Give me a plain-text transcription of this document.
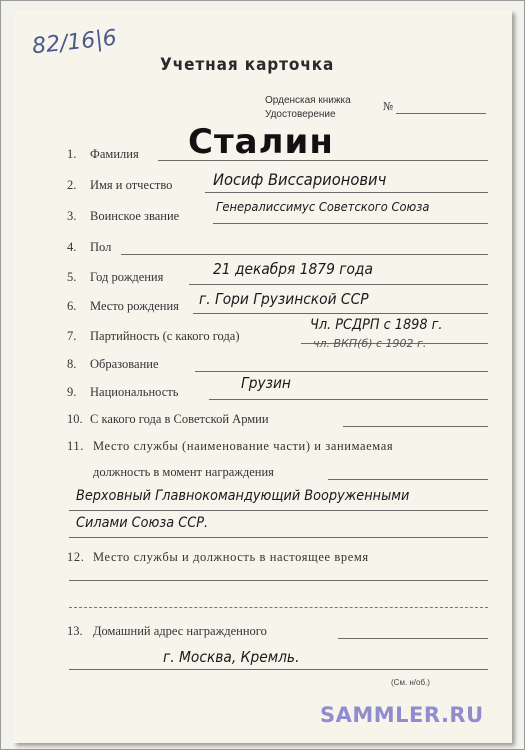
82/16|6
Учетная карточка
Орденская книжка
Удостоверение
№
1. Фамилия Сталин
2. Имя и отчество	Иосиф Виссарионович
3. Воинское звание
Генералиссимус Советского Союза
4. Пол
5. Год рождения	21 декабря 1879 года
6. Место рождения г. Гори Грузинской ССР
7. Партийность (с какого года)
Чл. РСДРП с 1898 г.
чл. ВКП(б) с 1902 г.
8. Образование
9. Национальность	Грузин
10. С какого года в Советской Армии
11. Место службы (наименование части) и занимаемая
должность в момент награждения
Верховный Главнокомандующий Вооруженными
Силами Союза ССР.
12. Место службы и должность в настоящее время
13. Домашний адрес награжденного
г. Москва, Кремль.
(См. н/об.)
SAMMLER.RU
